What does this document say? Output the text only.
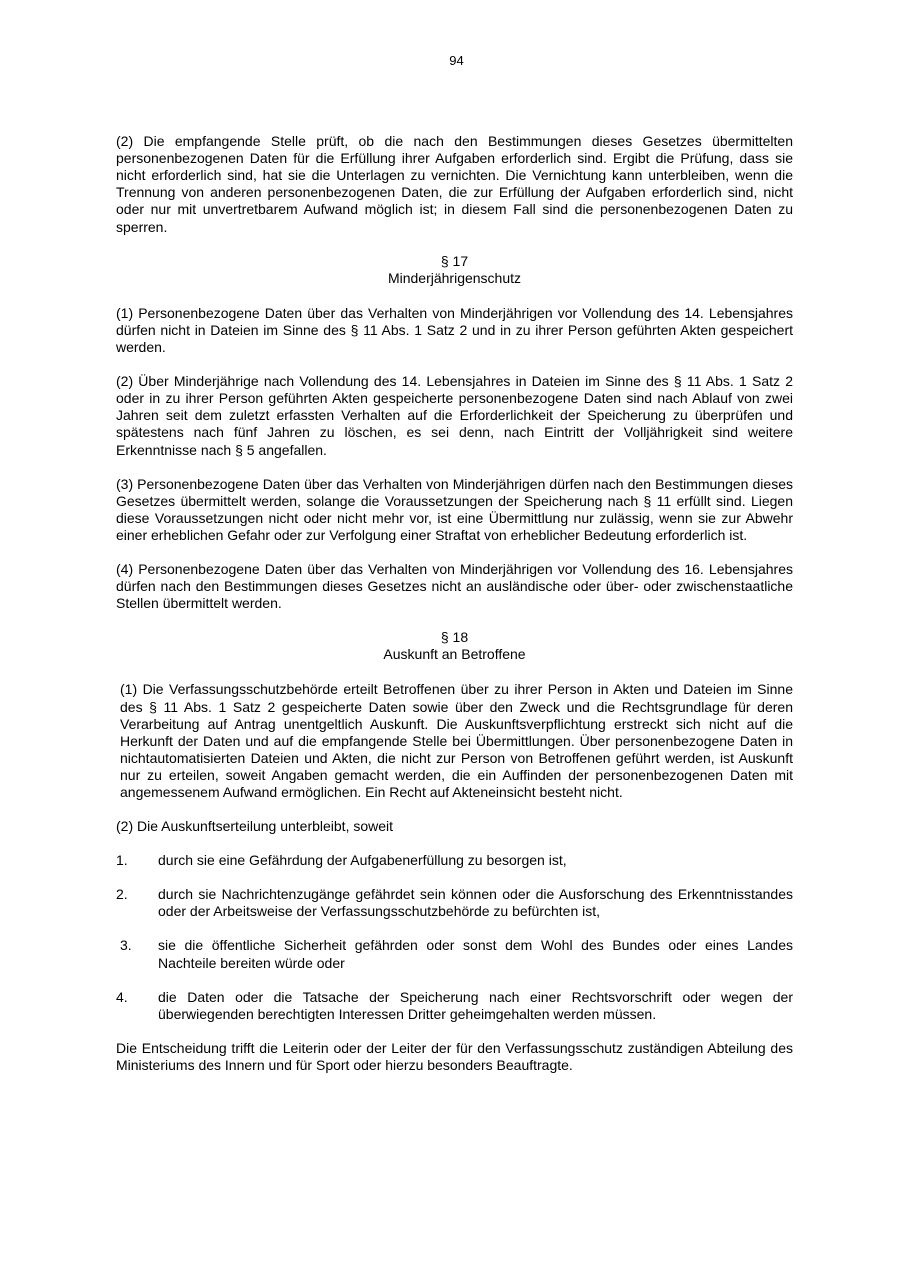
94

(2) Die empfangende Stelle prüft, ob die nach den Bestimmungen dieses Gesetzes übermittelten personenbezogenen Daten für die Erfüllung ihrer Aufgaben erforderlich sind. Ergibt die Prüfung, dass sie nicht erforderlich sind, hat sie die Unterlagen zu vernichten. Die Vernichtung kann unterbleiben, wenn die Trennung von anderen personenbezogenen Daten, die zur Erfüllung der Aufgaben erforderlich sind, nicht oder nur mit unvertretbarem Aufwand möglich ist; in diesem Fall sind die personenbezogenen Daten zu sperren.

§ 17
Minderjährigenschutz

(1) Personenbezogene Daten über das Verhalten von Minderjährigen vor Vollendung des 14. Lebensjahres dürfen nicht in Dateien im Sinne des § 11 Abs. 1 Satz 2 und in zu ihrer Person geführten Akten gespeichert werden.

(2) Über Minderjährige nach Vollendung des 14. Lebensjahres in Dateien im Sinne des § 11 Abs. 1 Satz 2 oder in zu ihrer Person geführten Akten gespeicherte personenbezogene Daten sind nach Ablauf von zwei Jahren seit dem zuletzt erfassten Verhalten auf die Erforderlichkeit der Speicherung zu überprüfen und spätestens nach fünf Jahren zu löschen, es sei denn, nach Eintritt der Volljährigkeit sind weitere Erkenntnisse nach § 5 angefallen.

(3) Personenbezogene Daten über das Verhalten von Minderjährigen dürfen nach den Bestimmungen dieses Gesetzes übermittelt werden, solange die Voraussetzungen der Speicherung nach § 11 erfüllt sind. Liegen diese Voraussetzungen nicht oder nicht mehr vor, ist eine Übermittlung nur zulässig, wenn sie zur Abwehr einer erheblichen Gefahr oder zur Verfolgung einer Straftat von erheblicher Bedeutung erforderlich ist.

(4) Personenbezogene Daten über das Verhalten von Minderjährigen vor Vollendung des 16. Lebensjahres dürfen nach den Bestimmungen dieses Gesetzes nicht an ausländische oder über- oder zwischenstaatliche Stellen übermittelt werden.

§ 18
Auskunft an Betroffene

(1) Die Verfassungsschutzbehörde erteilt Betroffenen über zu ihrer Person in Akten und Dateien im Sinne des § 11 Abs. 1 Satz 2 gespeicherte Daten sowie über den Zweck und die Rechtsgrundlage für deren Verarbeitung auf Antrag unentgeltlich Auskunft. Die Auskunftsverpflichtung erstreckt sich nicht auf die Herkunft der Daten und auf die empfangende Stelle bei Übermittlungen. Über personenbezogene Daten in nichtautomatisierten Dateien und Akten, die nicht zur Person von Betroffenen geführt werden, ist Auskunft nur zu erteilen, soweit Angaben gemacht werden, die ein Auffinden der personenbezogenen Daten mit angemessenem Aufwand ermöglichen. Ein Recht auf Akteneinsicht besteht nicht.

(2) Die Auskunftserteilung unterbleibt, soweit

1.	durch sie eine Gefährdung der Aufgabenerfüllung zu besorgen ist,
2.	durch sie Nachrichtenzugänge gefährdet sein können oder die Ausforschung des Erkenntnisstandes oder der Arbeitsweise der Verfassungsschutzbehörde zu befürchten ist,
3.	sie die öffentliche Sicherheit gefährden oder sonst dem Wohl des Bundes oder eines Landes Nachteile bereiten würde oder
4.	die Daten oder die Tatsache der Speicherung nach einer Rechtsvorschrift oder wegen der überwiegenden berechtigten Interessen Dritter geheimgehalten werden müssen.

Die Entscheidung trifft die Leiterin oder der Leiter der für den Verfassungsschutz zuständigen Abteilung des Ministeriums des Innern und für Sport oder hierzu besonders Beauftragte.
